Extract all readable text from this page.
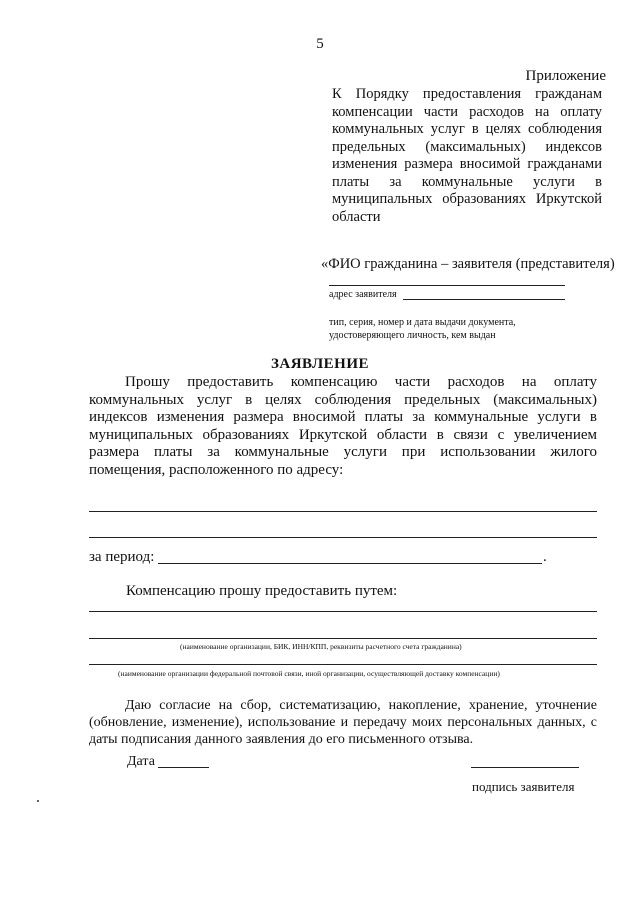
5
Приложение
К Порядку предоставления гражданам компенсации части расходов на оплату коммунальных услуг в целях соблюдения предельных (максимальных) индексов изменения размера вносимой гражданами платы за коммунальные услуги в муниципальных образованиях Иркутской области
«ФИО гражданина – заявителя (представителя)
адрес заявителя
тип, серия, номер и дата выдачи документа,
удостоверяющего личность, кем выдан
ЗАЯВЛЕНИЕ
Прошу предоставить компенсацию части расходов на оплату коммунальных услуг в целях соблюдения предельных (максимальных) индексов изменения размера вносимой платы за коммунальные услуги в муниципальных образованиях Иркутской области в связи с увеличением размера платы за коммунальные услуги при использовании жилого помещения, расположенного по адресу:
за период:	.
Компенсацию прошу предоставить путем:
(наименование организации, БИК, ИНН/КПП, реквизиты расчетного счета гражданина)
(наименование организации федеральной почтовой связи, иной организации, осуществляющей доставку компенсации)
Даю согласие на сбор, систематизацию, накопление, хранение, уточнение (обновление, изменение), использование и передачу моих персональных данных, с даты подписания данного заявления до его письменного отзыва.
Дата
подпись заявителя
